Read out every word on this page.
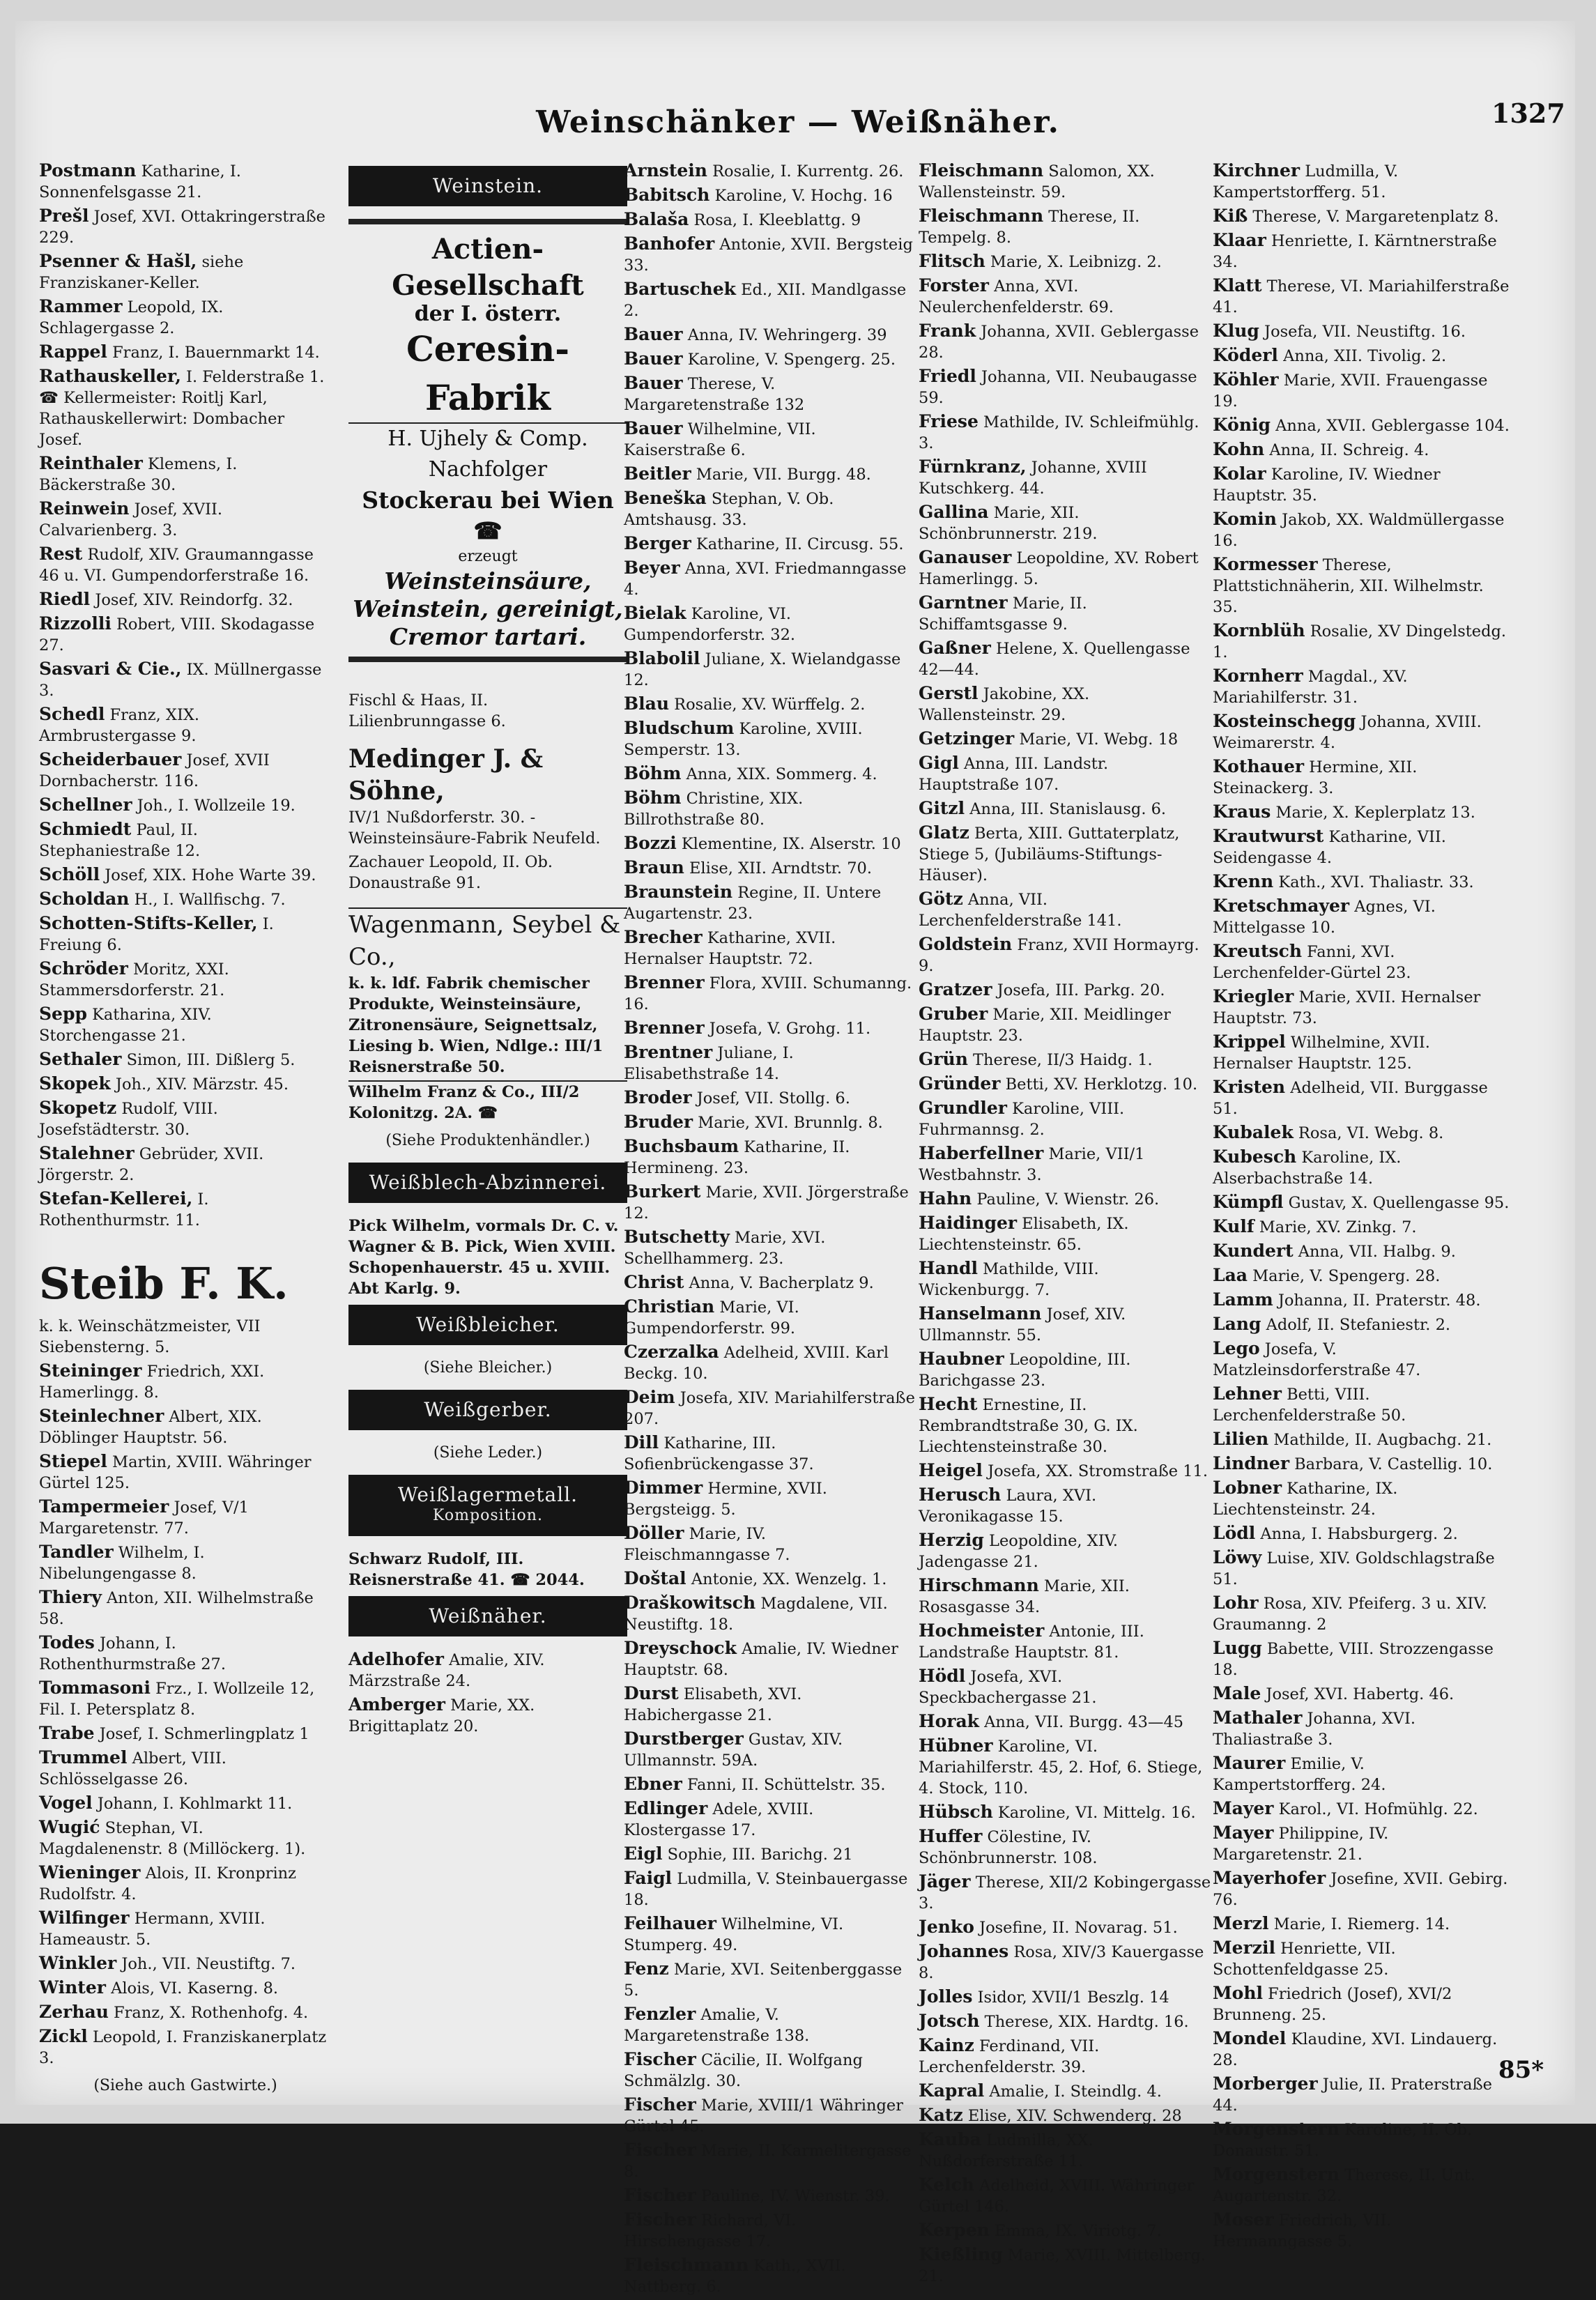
Weinschänker — Weißnäher.	1327
Postmann Katharine, I. Sonnenfelsgasse 21.
Prešl Josef, XVI. Ottakringerstraße 229.
Psenner & Hašl, siehe Franziskaner-Keller.
Rammer Leopold, IX. Schlagergasse 2.
Rappel Franz, I. Bauernmarkt 14.
Rathauskeller, I. Felderstraße 1. ☎ Kellermeister: Roitlj Karl, Rathauskellerwirt: Dombacher Josef.
Reinthaler Klemens, I. Bäckerstraße 30.
Reinwein Josef, XVII. Calvarienberg. 3.
Rest Rudolf, XIV. Graumanngasse 46 u. VI. Gumpendorferstraße 16.
Riedl Josef, XIV. Reindorfg. 32.
Rizzolli Robert, VIII. Skodagasse 27.
Sasvari & Cie., IX. Müllnergasse 3.
Schedl Franz, XIX. Armbrustergasse 9.
Scheiderbauer Josef, XVII Dornbacherstr. 116.
Schellner Joh., I. Wollzeile 19.
Schmiedt Paul, II. Stephaniestraße 12.
Schöll Josef, XIX. Hohe Warte 39.
Scholdan H., I. Wallfischg. 7.
Schotten-Stifts-Keller, I. Freiung 6.
Schröder Moritz, XXI. Stammersdorferstr. 21.
Sepp Katharina, XIV. Storchengasse 21.
Sethaler Simon, III. Dißlerg 5.
Skopek Joh., XIV. Märzstr. 45.
Skopetz Rudolf, VIII. Josefstädterstr. 30.
Stalehner Gebrüder, XVII. Jörgerstr. 2.
Stefan-Kellerei, I. Rothenthurmstr. 11.
Steib F. K.
k. k. Weinschätzmeister, VII Siebensterng. 5.
Steininger Friedrich, XXI. Hamerlingg. 8.
Steinlechner Albert, XIX. Döblinger Hauptstr. 56.
Stiepel Martin, XVIII. Währinger Gürtel 125.
Tampermeier Josef, V/1 Margaretenstr. 77.
Tandler Wilhelm, I. Nibelungengasse 8.
Thiery Anton, XII. Wilhelmstraße 58.
Todes Johann, I. Rothenthurmstraße 27.
Tommasoni Frz., I. Wollzeile 12, Fil. I. Petersplatz 8.
Trabe Josef, I. Schmerlingplatz 1
Trummel Albert, VIII. Schlösselgasse 26.
Vogel Johann, I. Kohlmarkt 11.
Wugić Stephan, VI. Magdalenenstr. 8 (Millöckerg. 1).
Wieninger Alois, II. Kronprinz Rudolfstr. 4.
Wilfinger Hermann, XVIII. Hameaustr. 5.
Winkler Joh., VII. Neustiftg. 7.
Winter Alois, VI. Kaserng. 8.
Zerhau Franz, X. Rothenhofg. 4.
Zickl Leopold, I. Franziskanerplatz 3.
(Siehe auch Gastwirte.)
Weinstein.
Actien-Gesellschaft
der I. österr.
Ceresin-Fabrik
H. Ujhely & Comp. Nachfolger
Stockerau bei Wien ☎
erzeugt
Weinsteinsäure,
Weinstein, gereinigt,
Cremor tartari.
Fischl & Haas, II. Lilienbrunngasse 6.
Medinger J. & Söhne,
IV/1 Nußdorferstr. 30. -Weinsteinsäure-Fabrik Neufeld.
Zachauer Leopold, II. Ob. Donaustraße 91.
Wagenmann, Seybel & Co.,
k. k. ldf. Fabrik chemischer Produkte, Weinsteinsäure, Zitronensäure, Seignettsalz, Liesing b. Wien, Ndlge.: III/1 Reisnerstraße 50.
Wilhelm Franz & Co., III/2 Kolonitzg. 2A. ☎
(Siehe Produktenhändler.)
Weißblech-Abzinnerei.
Pick Wilhelm, vormals Dr. C. v. Wagner & B. Pick, Wien XVIII. Schopenhauerstr. 45 u. XVIII. Abt Karlg. 9.
Weißbleicher.
(Siehe Bleicher.)
Weißgerber.
(Siehe Leder.)
Weißlagermetall.
Komposition.
Schwarz Rudolf, III. Reisnerstraße 41. ☎ 2044.
Weißnäher.
Adelhofer Amalie, XIV. Märzstraße 24.
Amberger Marie, XX. Brigittaplatz 20.
Arnstein Rosalie, I. Kurrentg. 26.
Babitsch Karoline, V. Hochg. 16
Balaša Rosa, I. Kleeblattg. 9
Banhofer Antonie, XVII. Bergsteig 33.
Bartuschek Ed., XII. Mandlgasse 2.
Bauer Anna, IV. Wehringerg. 39
Bauer Karoline, V. Spengerg. 25.
Bauer Therese, V. Margaretenstraße 132
Bauer Wilhelmine, VII. Kaiserstraße 6.
Beitler Marie, VII. Burgg. 48.
Beneška Stephan, V. Ob. Amtshausg. 33.
Berger Katharine, II. Circusg. 55.
Beyer Anna, XVI. Friedmanngasse 4.
Bielak Karoline, VI. Gumpendorferstr. 32.
Blabolil Juliane, X. Wielandgasse 12.
Blau Rosalie, XV. Würffelg. 2.
Bludschum Karoline, XVIII. Semperstr. 13.
Böhm Anna, XIX. Sommerg. 4.
Böhm Christine, XIX. Billrothstraße 80.
Bozzi Klementine, IX. Alserstr. 10
Braun Elise, XII. Arndtstr. 70.
Braunstein Regine, II. Untere Augartenstr. 23.
Brecher Katharine, XVII. Hernalser Hauptstr. 72.
Brenner Flora, XVIII. Schumanng. 16.
Brenner Josefa, V. Grohg. 11.
Brentner Juliane, I. Elisabethstraße 14.
Broder Josef, VII. Stollg. 6.
Bruder Marie, XVI. Brunnlg. 8.
Buchsbaum Katharine, II. Hermineng. 23.
Burkert Marie, XVII. Jörgerstraße 12.
Butschetty Marie, XVI. Schellhammerg. 23.
Christ Anna, V. Bacherplatz 9.
Christian Marie, VI. Gumpendorferstr. 99.
Czerzalka Adelheid, XVIII. Karl Beckg. 10.
Deim Josefa, XIV. Mariahilferstraße 207.
Dill Katharine, III. Sofienbrückengasse 37.
Dimmer Hermine, XVII. Bergsteigg. 5.
Döller Marie, IV. Fleischmanngasse 7.
Doštal Antonie, XX. Wenzelg. 1.
Draškowitsch Magdalene, VII. Neustiftg. 18.
Dreyschock Amalie, IV. Wiedner Hauptstr. 68.
Durst Elisabeth, XVI. Habichergasse 21.
Durstberger Gustav, XIV. Ullmannstr. 59A.
Ebner Fanni, II. Schüttelstr. 35.
Edlinger Adele, XVIII. Klostergasse 17.
Eigl Sophie, III. Barichg. 21
Faigl Ludmilla, V. Steinbauergasse 18.
Feilhauer Wilhelmine, VI. Stumperg. 49.
Fenz Marie, XVI. Seitenberggasse 5.
Fenzler Amalie, V. Margaretenstraße 138.
Fischer Cäcilie, II. Wolfgang Schmälzlg. 30.
Fischer Marie, XVIII/1 Währinger Gürtel 45.
Fischer Marie, II. Karmelitergasse 8.
Fischer Pauline, IV. Wienstr. 39.
Fischer Richard, VI. Hirschengasse 17.
Fleischmann Kath., XVII. Nattberg. 6.
Fleischmann Salomon, XX. Wallensteinstr. 59.
Fleischmann Therese, II. Tempelg. 8.
Flitsch Marie, X. Leibnizg. 2.
Forster Anna, XVI. Neulerchenfelderstr. 69.
Frank Johanna, XVII. Geblergasse 28.
Friedl Johanna, VII. Neubaugasse 59.
Friese Mathilde, IV. Schleifmühlg. 3.
Fürnkranz, Johanne, XVIII Kutschkerg. 44.
Gallina Marie, XII. Schönbrunnerstr. 219.
Ganauser Leopoldine, XV. Robert Hamerlingg. 5.
Garntner Marie, II. Schiffamtsgasse 9.
Gaßner Helene, X. Quellengasse 42—44.
Gerstl Jakobine, XX. Wallensteinstr. 29.
Getzinger Marie, VI. Webg. 18
Gigl Anna, III. Landstr. Hauptstraße 107.
Gitzl Anna, III. Stanislausg. 6.
Glatz Berta, XIII. Guttaterplatz, Stiege 5, (Jubiläums-Stiftungs-Häuser).
Götz Anna, VII. Lerchenfelderstraße 141.
Goldstein Franz, XVII Hormayrg. 9.
Gratzer Josefa, III. Parkg. 20.
Gruber Marie, XII. Meidlinger Hauptstr. 23.
Grün Therese, II/3 Haidg. 1.
Gründer Betti, XV. Herklotzg. 10.
Grundler Karoline, VIII. Fuhrmannsg. 2.
Haberfellner Marie, VII/1 Westbahnstr. 3.
Hahn Pauline, V. Wienstr. 26.
Haidinger Elisabeth, IX. Liechtensteinstr. 65.
Handl Mathilde, VIII. Wickenburgg. 7.
Hanselmann Josef, XIV. Ullmannstr. 55.
Haubner Leopoldine, III. Barichgasse 23.
Hecht Ernestine, II. Rembrandtstraße 30, G. IX. Liechtensteinstraße 30.
Heigel Josefa, XX. Stromstraße 11.
Herusch Laura, XVI. Veronikagasse 15.
Herzig Leopoldine, XIV. Jadengasse 21.
Hirschmann Marie, XII. Rosasgasse 34.
Hochmeister Antonie, III. Landstraße Hauptstr. 81.
Hödl Josefa, XVI. Speckbachergasse 21.
Horak Anna, VII. Burgg. 43—45
Hübner Karoline, VI. Mariahilferstr. 45, 2. Hof, 6. Stiege, 4. Stock, 110.
Hübsch Karoline, VI. Mittelg. 16.
Huffer Cölestine, IV. Schönbrunnerstr. 108.
Jäger Therese, XII/2 Kobingergasse 3.
Jenko Josefine, II. Novarag. 51.
Johannes Rosa, XIV/3 Kauergasse 8.
Jolles Isidor, XVII/1 Beszlg. 14
Jotsch Therese, XIX. Hardtg. 16.
Kainz Ferdinand, VII. Lerchenfelderstr. 39.
Kapral Amalie, I. Steindlg. 4.
Katz Elise, XIV. Schwenderg. 28
Kauba Ludmilla, XX. Nußdorferstraße 11.
Kelch Adelheid, XVIII. Währinger Gürtel 146.
Kerpen Emma, IX. Viriotg. 7.
Kießling Marie, XVIII. Mittelberg. 21.
Kirchner Ludmilla, V. Kampertstorfferg. 51.
Kiß Therese, V. Margaretenplatz 8.
Klaar Henriette, I. Kärntnerstraße 34.
Klatt Therese, VI. Mariahilferstraße 41.
Klug Josefa, VII. Neustiftg. 16.
Köderl Anna, XII. Tivolig. 2.
Köhler Marie, XVII. Frauengasse 19.
König Anna, XVII. Geblergasse 104.
Kohn Anna, II. Schreig. 4.
Kolar Karoline, IV. Wiedner Hauptstr. 35.
Komin Jakob, XX. Waldmüllergasse 16.
Kormesser Therese, Plattstichnäherin, XII. Wilhelmstr. 35.
Kornblüh Rosalie, XV Dingelstedg. 1.
Kornherr Magdal., XV. Mariahilferstr. 31.
Kosteinschegg Johanna, XVIII. Weimarerstr. 4.
Kothauer Hermine, XII. Steinackerg. 3.
Kraus Marie, X. Keplerplatz 13.
Krautwurst Katharine, VII. Seidengasse 4.
Krenn Kath., XVI. Thaliastr. 33.
Kretschmayer Agnes, VI. Mittelgasse 10.
Kreutsch Fanni, XVI. Lerchenfelder-Gürtel 23.
Kriegler Marie, XVII. Hernalser Hauptstr. 73.
Krippel Wilhelmine, XVII. Hernalser Hauptstr. 125.
Kristen Adelheid, VII. Burggasse 51.
Kubalek Rosa, VI. Webg. 8.
Kubesch Karoline, IX. Alserbachstraße 14.
Kümpfl Gustav, X. Quellengasse 95.
Kulf Marie, XV. Zinkg. 7.
Kundert Anna, VII. Halbg. 9.
Laa Marie, V. Spengerg. 28.
Lamm Johanna, II. Praterstr. 48.
Lang Adolf, II. Stefaniestr. 2.
Lego Josefa, V. Matzleinsdorferstraße 47.
Lehner Betti, VIII. Lerchenfelderstraße 50.
Lilien Mathilde, II. Augbachg. 21.
Lindner Barbara, V. Castellig. 10.
Lobner Katharine, IX. Liechtensteinstr. 24.
Lödl Anna, I. Habsburgerg. 2.
Löwy Luise, XIV. Goldschlagstraße 51.
Lohr Rosa, XIV. Pfeiferg. 3 u. XIV. Graumanng. 2
Lugg Babette, VIII. Strozzengasse 18.
Male Josef, XVI. Habertg. 46.
Mathaler Johanna, XVI. Thaliastraße 3.
Maurer Emilie, V. Kampertstorfferg. 24.
Mayer Karol., VI. Hofmühlg. 22.
Mayer Philippine, IV. Margaretenstr. 21.
Mayerhofer Josefine, XVII. Gebirg. 76.
Merzl Marie, I. Riemerg. 14.
Merzil Henriette, VII. Schottenfeldgasse 25.
Mohl Friedrich (Josef), XVI/2 Brunneng. 25.
Mondel Klaudine, XVI. Lindauerg. 28.
Morberger Julie, II. Praterstraße 44.
Morgenstern Karoline, II. Ob. Donaustr. 51.
Morgenstern Therese, II. Unt. Augartenstr. 32.
Moser Friedrich, VII. Hermanngasse 5.
85*
